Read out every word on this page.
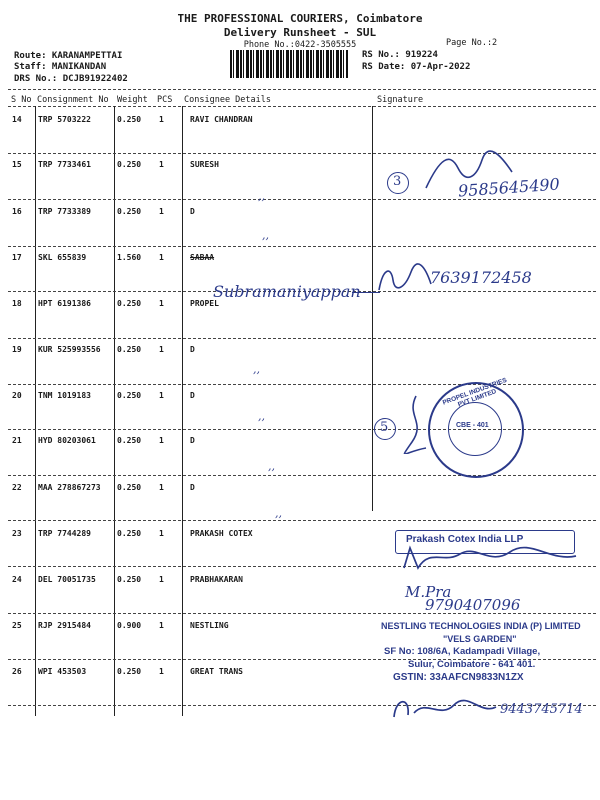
THE PROFESSIONAL COURIERS, Coimbatore
Delivery Runsheet - SUL
Phone No.:0422-3505555	Page No.:2
Route: KARANAMPETTAI
Staff: MANIKANDAN
DRS No.: DCJB91922402
RS No.: 919224
RS Date: 07-Apr-2022
S No Consignment No Weight PCS Consignee Details	Signature
14 TRP 5703222	0.250 1	RAVI CHANDRAN
15 TRP 7733461	0.250 1	SURESH
16 TRP 7733389	0.250 1	D
17 SKL 655839	1.560 1	SABAA
18 HPT 6191386	0.250 1	PROPEL
19 KUR 525993556 0.250 1	D
20 TNM 1019183	0.250 1	D
21 HYD 80203061	0.250 1	D
22 MAA 278867273 0.250 1	D
23 TRP 7744289	0.250 1	PRAKASH COTEX
24 DEL 70051735	0.250 1	PRABHAKARAN
25 RJP 2915484	0.900 1	NESTLING
26 WPI 453503	0.250 1	GREAT TRANS
,,
,,
,,
,,
,,
,,
3	9585645490
Subramaniyappan
7639172458
5
PROPEL INDUSTRIES PVT LIMITED
CBE - 401
Prakash Cotex India LLP
M.Pra
9790407096
NESTLING TECHNOLOGIES INDIA (P) LIMITED
"VELS GARDEN"
SF No: 108/6A, Kadampadi Village,
Sulur, Coimbatore - 641 401.
GSTIN: 33AAFCN9833N1ZX
9443745714
